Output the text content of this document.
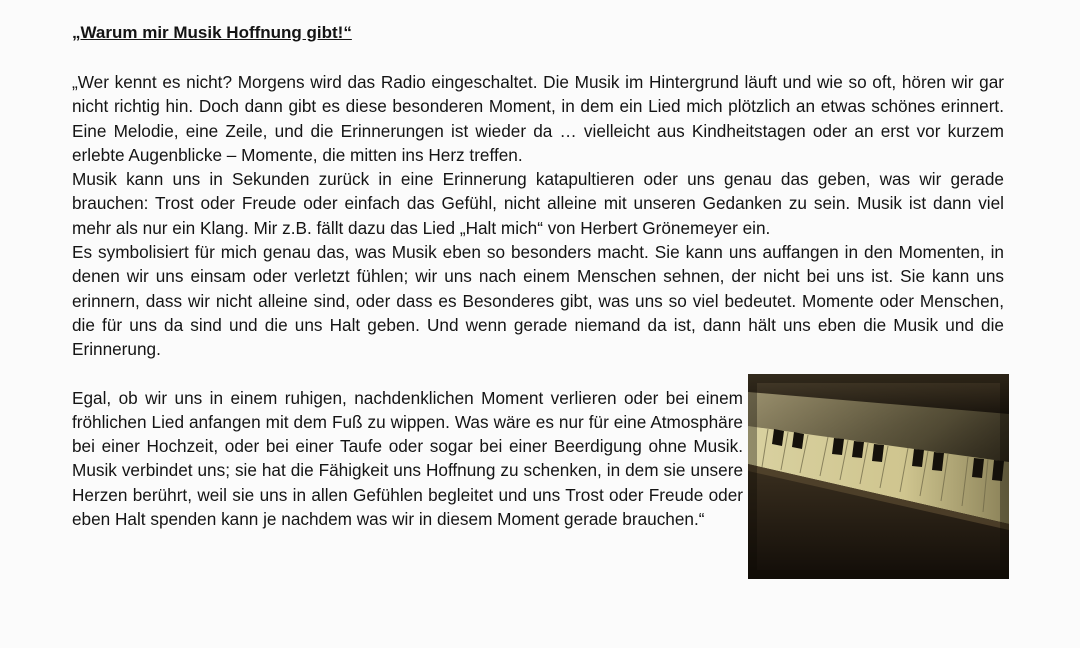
„Warum mir Musik Hoffnung gibt!“

„Wer kennt es nicht? Morgens wird das Radio eingeschaltet. Die Musik im Hintergrund läuft und wie so oft, hören wir gar nicht richtig hin. Doch dann gibt es diese besonderen Moment, in dem ein Lied mich plötzlich an etwas schönes erinnert. Eine Melodie, eine Zeile, und die Erinnerungen ist wieder da … vielleicht aus Kindheitstagen oder an erst vor kurzem erlebte Augenblicke – Momente, die mitten ins Herz treffen.

Musik kann uns in Sekunden zurück in eine Erinnerung katapultieren oder uns genau das geben, was wir gerade brauchen: Trost oder Freude oder einfach das Gefühl, nicht alleine mit unseren Gedanken zu sein. Musik ist dann viel mehr als nur ein Klang. Mir z.B. fällt dazu das Lied „Halt mich“ von Herbert Grönemeyer ein.

Es symbolisiert für mich genau das, was Musik eben so besonders macht. Sie kann uns auffangen in den Momenten, in denen wir uns einsam oder verletzt fühlen; wir uns nach einem Menschen sehnen, der nicht bei uns ist. Sie kann uns erinnern, dass wir nicht alleine sind, oder dass es Besonderes gibt, was uns so viel bedeutet. Momente oder Menschen, die für uns da sind und die uns Halt geben. Und wenn gerade niemand da ist, dann hält uns eben die Musik und die Erinnerung.

Egal, ob wir uns in einem ruhigen, nachdenklichen Moment verlieren oder bei einem fröhlichen Lied anfangen mit dem Fuß zu wippen. Was wäre es nur für eine Atmosphäre bei einer Hochzeit, oder bei einer Taufe oder sogar bei einer Beerdigung ohne Musik. Musik verbindet uns; sie hat die Fähigkeit uns Hoffnung zu schenken, in dem sie unsere Herzen berührt, weil sie uns in allen Gefühlen begleitet und uns Trost oder Freude oder eben Halt spenden kann je nachdem was wir in diesem Moment gerade brauchen.“
